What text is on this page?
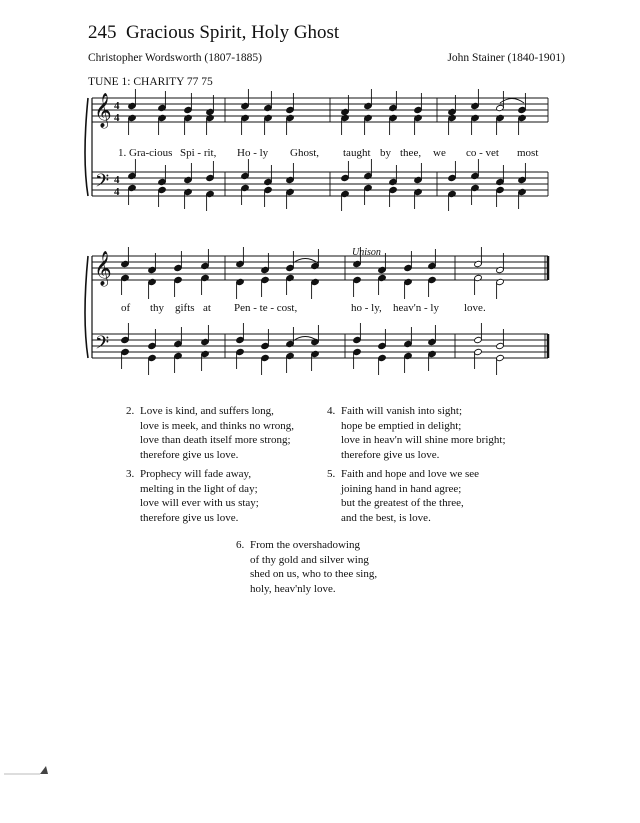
245 Gracious Spirit, Holy Ghost
Christopher Wordsworth (1807-1885)	John Stainer (1840-1901)
TUNE 1: CHARITY 77 75
𝄞
𝄢
4
4
4
4
𝄞
𝄢
Unison
1. Gra-cious Spi - rit, Ho - ly Ghost, taught by thee, we co - vet most
of thy gifts at Pen - te - cost,	ho - ly, heav'n - ly love.
2. Love is kind, and suffers long,
love is meek, and thinks no wrong,
love than death itself more strong;
therefore give us love.
3. Prophecy will fade away,
melting in the light of day;
love will ever with us stay;
therefore give us love.
4. Faith will vanish into sight;
hope be emptied in delight;
love in heav'n will shine more bright;
therefore give us love.
5. Faith and hope and love we see
joining hand in hand agree;
but the greatest of the three,
and the best, is love.
6. From the overshadowing
of thy gold and silver wing
shed on us, who to thee sing,
holy, heav'nly love.
